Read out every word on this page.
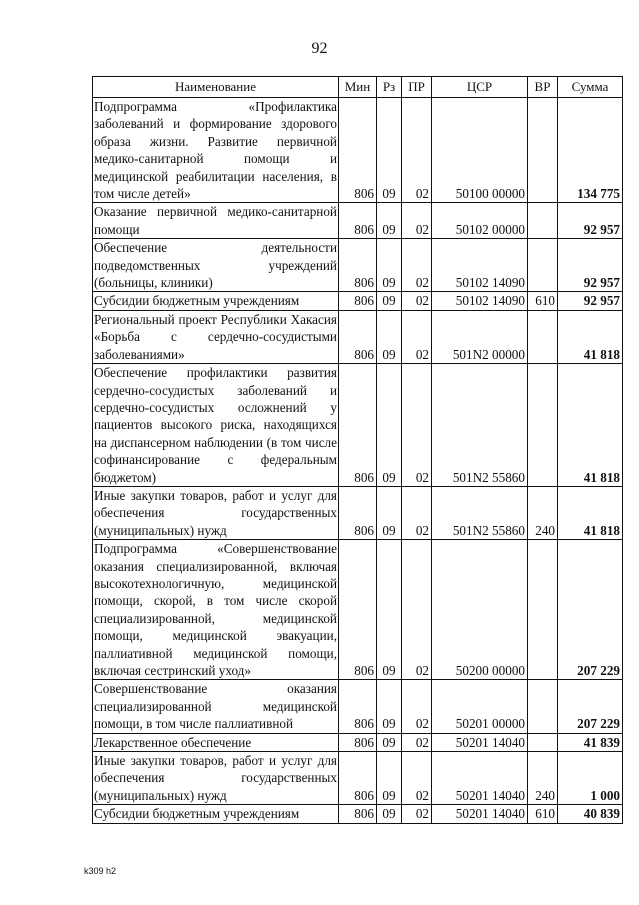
92
Наименование	Мин	Рз	ПР	ЦСР	ВР	Сумма
Подпрограмма «Профилактика заболеваний и формирование здорового образа жизни. Развитие первичной медико-санитарной помощи и медицинской реабилитации населения, в том числе детей»	806	09	02	50100 00000		134 775
Оказание первичной медико-санитарной помощи	806	09	02	50102 00000		92 957
Обеспечение деятельности подведомственных учреждений (больницы, клиники)	806	09	02	50102 14090		92 957
Субсидии бюджетным учреждениям	806	09	02	50102 14090	610	92 957
Региональный проект Республики Хакасия «Борьба с сердечно-сосудистыми заболеваниями»	806	09	02	501N2 00000		41 818
Обеспечение профилактики развития сердечно-сосудистых заболеваний и сердечно-сосудистых осложнений у пациентов высокого риска, находящихся на диспансерном наблюдении (в том числе софинансирование с федеральным бюджетом)	806	09	02	501N2 55860		41 818
Иные закупки товаров, работ и услуг для обеспечения государственных (муниципальных) нужд	806	09	02	501N2 55860	240	41 818
Подпрограмма «Совершенствование оказания специализированной, включая высокотехнологичную, медицинской помощи, скорой, в том числе скорой специализированной, медицинской помощи, медицинской эвакуации, паллиативной медицинской помощи, включая сестринский уход»	806	09	02	50200 00000		207 229
Совершенствование оказания специализированной медицинской помощи, в том числе паллиативной	806	09	02	50201 00000		207 229
Лекарственное обеспечение	806	09	02	50201 14040		41 839
Иные закупки товаров, работ и услуг для обеспечения государственных (муниципальных) нужд	806	09	02	50201 14040	240	1 000
Субсидии бюджетным учреждениям	806	09	02	50201 14040	610	40 839
k309 h2
